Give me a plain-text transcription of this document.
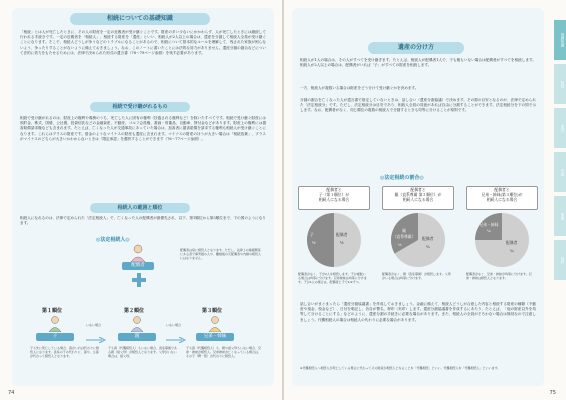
相続についての基礎知識
「相続」とは人が死亡したときに、その人の財産を一定の近親者が受け継ぐことです。財産の多い少ないにかかわらず、人が死亡したときには継続して行われる手続きです。一定の近親者を「相続人」、相続する財産を「遺産」といい、相続人が2人以上の場合は、遺産を分割して相続人全員が受け継ぐことになります。そこで、相続人どうしが争うなどのトラブルになることがあるので、相続について基本的なルールを理解して、残された家族が困らないよう、争ったりすることがないように備えておきましょう。なお、このノートに書いたことには法的な効力がありません。遺産分割の割合などについて法的に効力をもたせるためには、法律で決められた形式の遺言書（78〜79ページ参照）を残す必要があります。
相続で受け継がれるもの
相続で受け継がれるのは、財産上の権利や義務のうち、死亡した人に固有の権利（扶養される権利など）を除いたすべてです。相続で受け継ぐ財産には預貯金、株式、国債、公社債、投資信託などの金融資産、不動産、ゴルフ会員権、書画・骨董品、自動車、貸付金などがあります。財産上の権利には損害賠償請求権なども含まれます。たとえば、亡くなった人が交通事故にあっていた場合は、加害者に損害賠償を請求する権利も相続人が受け継ぐことになります。これらはプラスの財産です。借金のようなマイナスの財産も遺産に含まれます。マイナスの財産のほうが大きい場合は「相続放棄」、プラスがマイナスのどちらが大きいかわからないときは「限定承認」を選択することができます（76〜77ページ参照）。
相続人の範囲と順位
相続人になれるのは、法律で定められた「法定相続人」で、亡くなった人の配偶者が最優先され、以下、第1順位から第3順位まで、下の図のようになります。
◎法定相続人◎
配偶者
配偶者は常に相続人となります。ただし、法律上の婚姻関係にある者で事実婚の人や、離婚後の元配偶者や内縁の相続人にはなりません。
第１順位	第２順位	第３順位
いない場合	いない場合
子	親	兄弟・姉妹
子も先に死亡している場合、孫がいれば代わりに相続人になります。直系の子の代わりに、孫や、ひ孫が代わって相続人となります。
子も孫（代襲相続人）もいない場合、直系尊属である親（祖父母）が相続人となります。父母がいない場合は、祖父母。
子も孫（代襲相続人）も、親や祖父母もいない場合、兄弟・姉妹が相続人。兄弟姉妹が亡くなっている場合は、その子（甥・姪）が代わりに相続人。
74
遺産の分け方
相続人が1人の場合は、その人がすべてを受け継ぎます。たとえば、相続人が配偶者1人で、子も親もいない場合は配偶者がすべてを相続します。相続人が2人以上の場合は、配偶者がいれば「子」がすべての財産を相続します。
一方、相続人が複数いる場合は財産をどう分けて受け継ぐかを決めます。
分割の割合を亡くなった人が遺言書で指定していないときは、話し合い（遺産分割協議）で決めます。その際の目安となるのが、法律で定められた「法定相続分」です。ただし、法定相続分は目安であり、相続人全員の同意があれば自由に分割することができます。法定相続分を下の図で示します。なお、配偶者がなく、同じ順位の複数の相続人で分割するときも均等に分けることが原則です。
◎法定相続の割合◎
配偶者と
子（第１順位）が
相続人になる場合
配偶者と
親（直系尊属 第２順位）が
相続人になる場合
配偶者と
兄弟・姉妹(第３順位)が
相続人になる場合
子
½
配偶者
½
親
（直系尊属）
⅓
配偶者
⅔
兄弟・姉妹
¼
配偶者
¾
配偶者がなく、子が2人を相続します。子が複数いる場合は均等に分けます。兄弟姉妹は均等に分けます。子が1人の場合は、配偶者と子で1/2ずつ。
配偶者がなく、親（直系尊属）が相続します。父母がいる場合は均等に分けます。
配偶者がなく、兄弟・姉妹が均等に分けます。兄弟・姉妹は相続人となります。
話し合いがまとまったら「遺産分割協議書」を作成しておきましょう。金融に備えて、相続人どうしが合意した内容と相続する財産の種類（不動産や預金、預金など）、日付を明記し、各自が署名、押印（実印）します。遺産分割協議書を作成するにあたり、たとえば、「他の財産以外を均等して分けることにする」などのように、遺産分割の手続きに必要な場合があります。また、相続人の全員がそろわない場合は無効なので注意しましょう。代襲相続人の場合は相続人の代わりに必要な場合があります。
※代襲相続人へ相続人が死亡している場合に代わってその財産が相続人となることを「代襲相続」といい、代襲相続人を「代襲相続人」といいます。
75
基礎知識
相続
遺言
介護
葬儀
資料
